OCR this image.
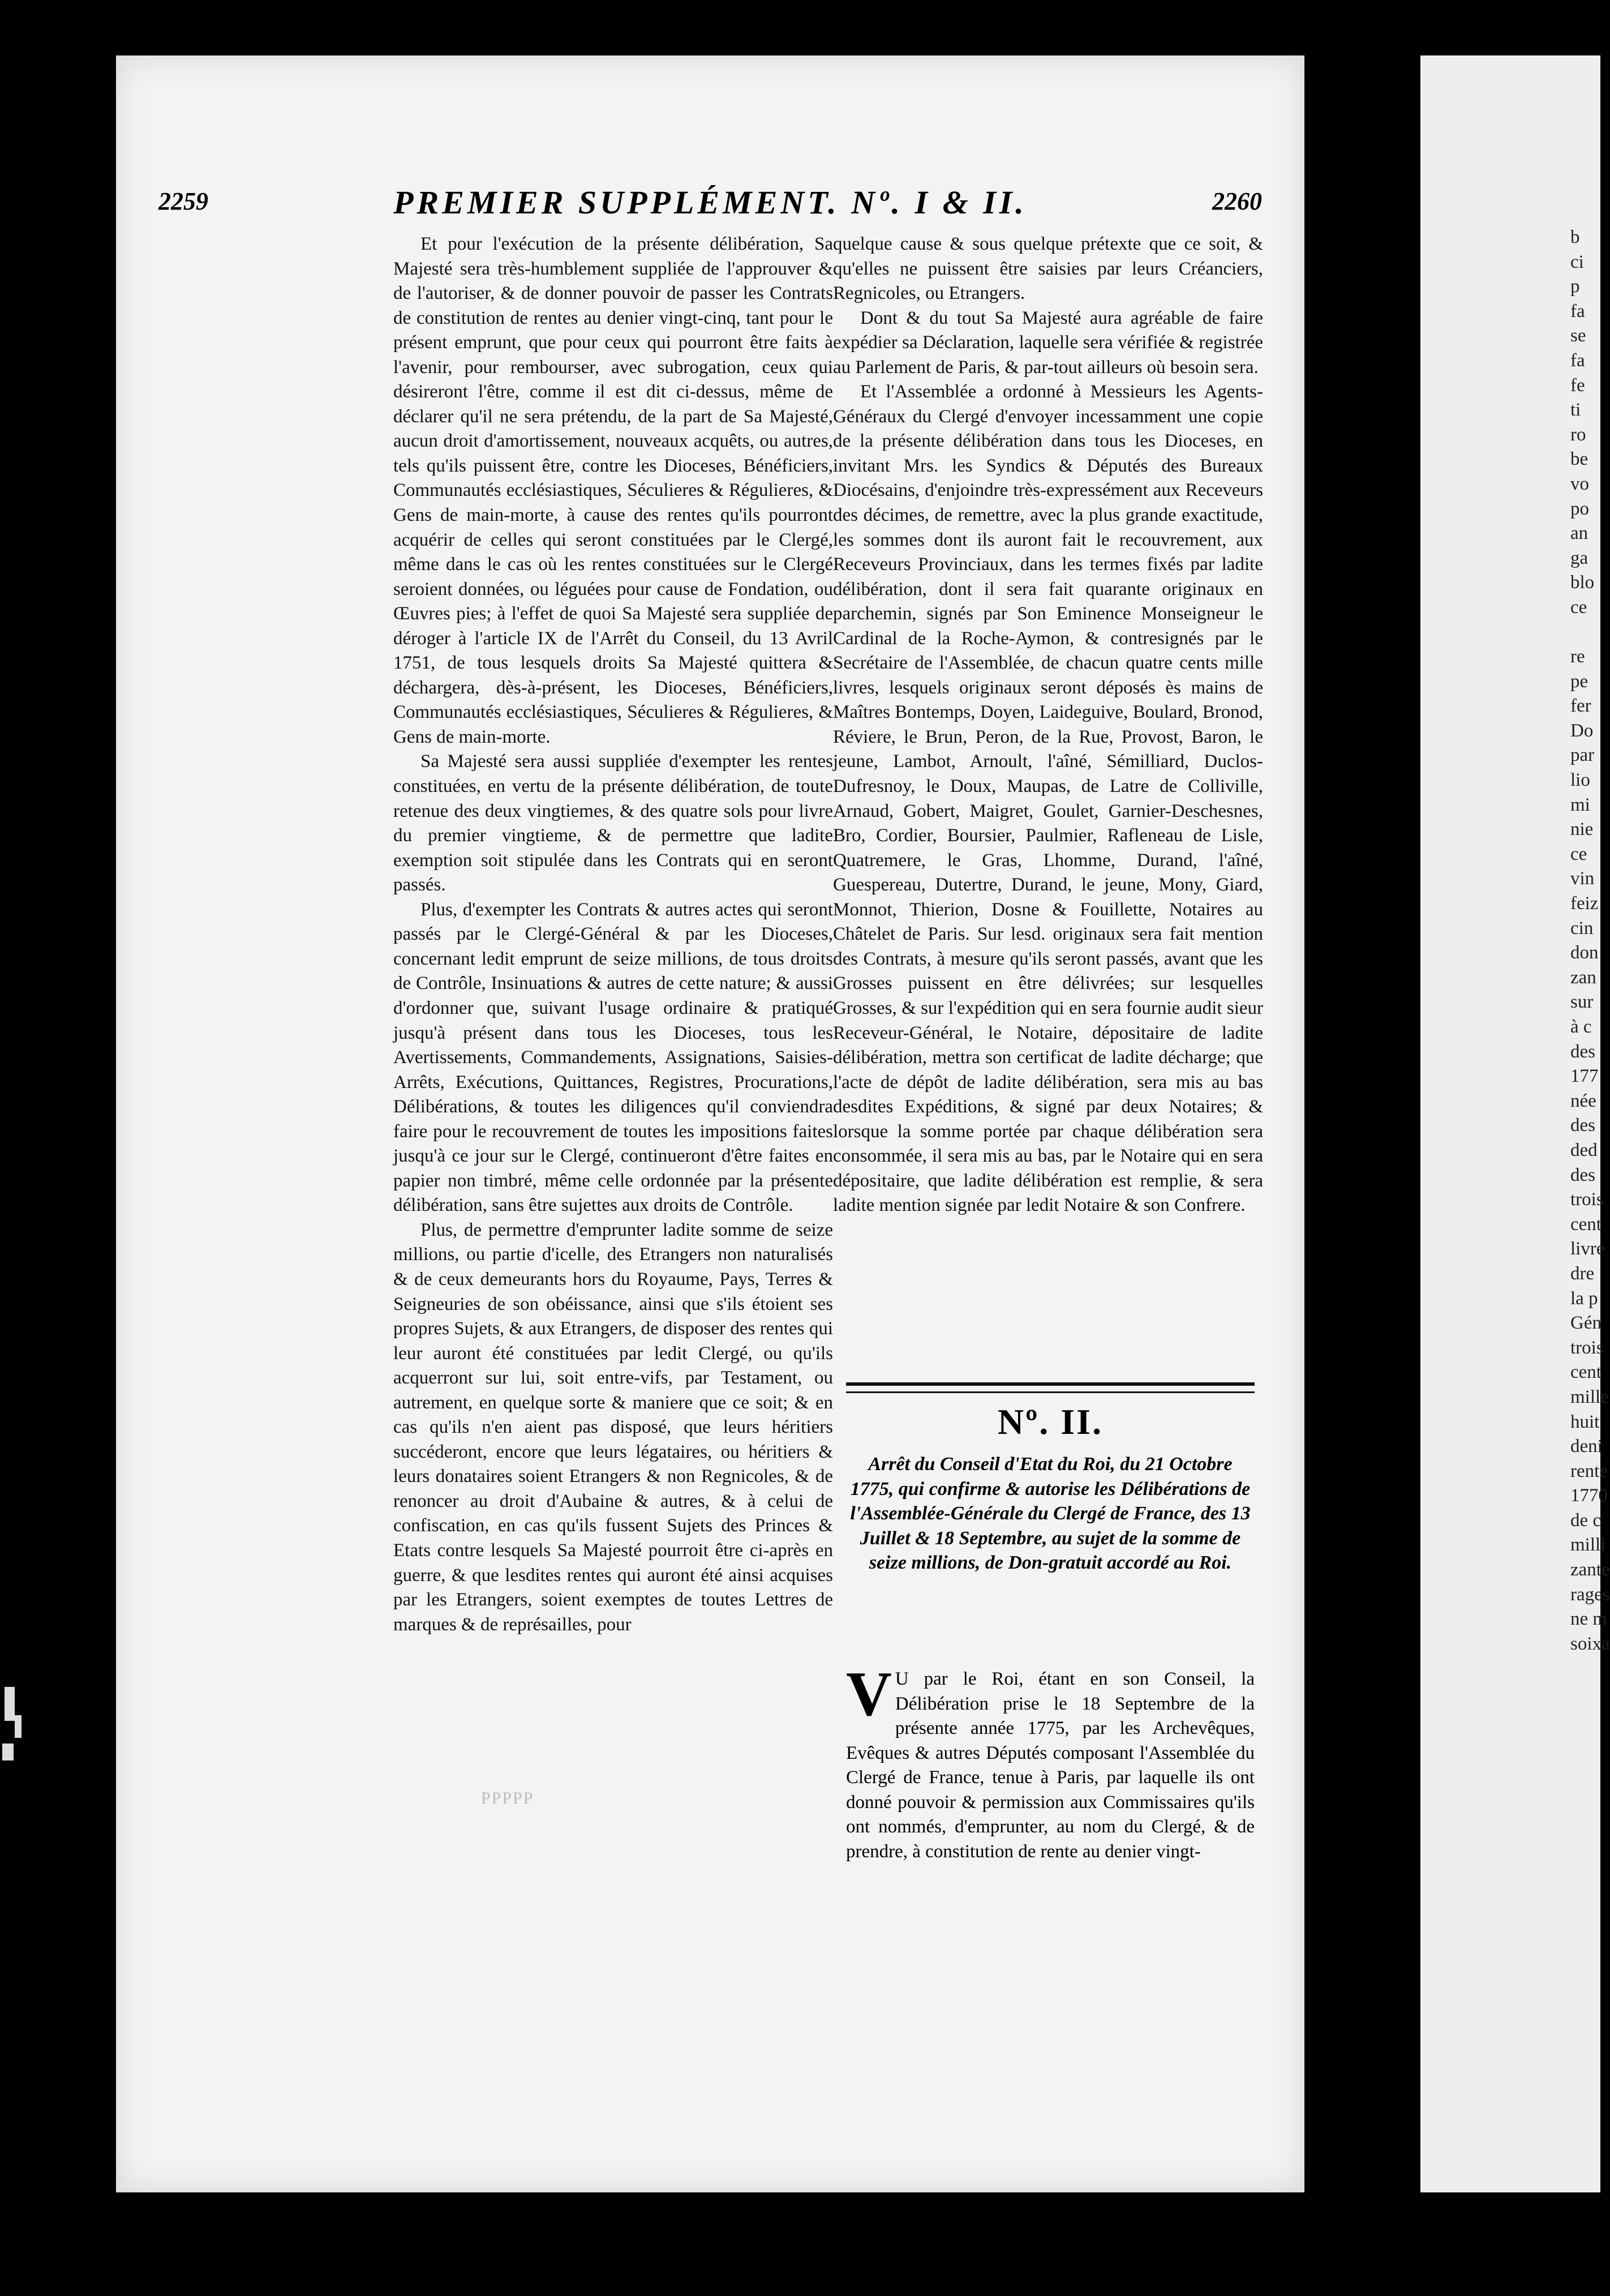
2259	PREMIER SUPPLÉMENT. Nº. I & II.	2260

Et pour l'exécution de la présente délibération, Sa Majesté sera très-humblement suppliée de l'approuver & de l'autoriser, & de donner pouvoir de passer les Contrats de constitution de rentes au denier vingt-cinq, tant pour le présent emprunt, que pour ceux qui pourront être faits à l'avenir, pour rembourser, avec subrogation, ceux qui désireront l'être, comme il est dit ci-dessus, même de déclarer qu'il ne sera prétendu, de la part de Sa Majesté, aucun droit d'amortissement, nouveaux acquêts, ou autres, tels qu'ils puissent être, contre les Dioceses, Bénéficiers, Communautés ecclésiastiques, Séculieres & Régulieres, & Gens de main-morte, à cause des rentes qu'ils pourront acquérir de celles qui seront constituées par le Clergé, même dans le cas où les rentes constituées sur le Clergé seroient données, ou léguées pour cause de Fondation, ou Œuvres pies; à l'effet de quoi Sa Majesté sera suppliée de déroger à l'article IX de l'Arrêt du Conseil, du 13 Avril 1751, de tous lesquels droits Sa Majesté quittera & déchargera, dès-à-présent, les Dioceses, Bénéficiers, Communautés ecclésiastiques, Séculieres & Régulieres, & Gens de main-morte.

Sa Majesté sera aussi suppliée d'exempter les rentes constituées, en vertu de la présente délibération, de toute retenue des deux vingtiemes, & des quatre sols pour livre du premier vingtieme, & de permettre que ladite exemption soit stipulée dans les Contrats qui en seront passés.

Plus, d'exempter les Contrats & autres actes qui seront passés par le Clergé-Général & par les Dioceses, concernant ledit emprunt de seize millions, de tous droits de Contrôle, Insinuations & autres de cette nature; & aussi d'ordonner que, suivant l'usage ordinaire & pratiqué jusqu'à présent dans tous les Dioceses, tous les Avertissements, Commandements, Assignations, Saisies-Arrêts, Exécutions, Quittances, Registres, Procurations, Délibérations, & toutes les diligences qu'il conviendra faire pour le recouvrement de toutes les impositions faites jusqu'à ce jour sur le Clergé, continueront d'être faites en papier non timbré, même celle ordonnée par la présente délibération, sans être sujettes aux droits de Contrôle.

Plus, de permettre d'emprunter ladite somme de seize millions, ou partie d'icelle, des Etrangers non naturalisés & de ceux demeurants hors du Royaume, Pays, Terres & Seigneuries de son obéissance, ainsi que s'ils étoient ses propres Sujets, & aux Etrangers, de disposer des rentes qui leur auront été constituées par ledit Clergé, ou qu'ils acquerront sur lui, soit entre-vifs, par Testament, ou autrement, en quelque sorte & maniere que ce soit; & en cas qu'ils n'en aient pas disposé, que leurs héritiers succéderont, encore que leurs légataires, ou héritiers & leurs donataires soient Etrangers & non Regnicoles, & de renoncer au droit d'Aubaine & autres, & à celui de confiscation, en cas qu'ils fussent Sujets des Princes & Etats contre lesquels Sa Majesté pourroit être ci-après en guerre, & que lesdites rentes qui auront été ainsi acquises par les Etrangers, soient exemptes de toutes Lettres de marques & de représailles, pour

quelque cause & sous quelque prétexte que ce soit, & qu'elles ne puissent être saisies par leurs Créanciers, Regnicoles, ou Etrangers.

Dont & du tout Sa Majesté aura agréable de faire expédier sa Déclaration, laquelle sera vérifiée & registrée au Parlement de Paris, & par-tout ailleurs où besoin sera.

Et l'Assemblée a ordonné à Messieurs les Agents-Généraux du Clergé d'envoyer incessamment une copie de la présente délibération dans tous les Dioceses, en invitant Mrs. les Syndics & Députés des Bureaux Diocésains, d'enjoindre très-expressément aux Receveurs des décimes, de remettre, avec la plus grande exactitude, les sommes dont ils auront fait le recouvrement, aux Receveurs Provinciaux, dans les termes fixés par ladite délibération, dont il sera fait quarante originaux en parchemin, signés par Son Eminence Monseigneur le Cardinal de la Roche-Aymon, & contresignés par le Secrétaire de l'Assemblée, de chacun quatre cents mille livres, lesquels originaux seront déposés ès mains de Maîtres Bontemps, Doyen, Laideguive, Boulard, Bronod, Réviere, le Brun, Peron, de la Rue, Provost, Baron, le jeune, Lambot, Arnoult, l'aîné, Sémilliard, Duclos-Dufresnoy, le Doux, Maupas, de Latre de Colliville, Arnaud, Gobert, Maigret, Goulet, Garnier-Deschesnes, Bro, Cordier, Boursier, Paulmier, Rafleneau de Lisle, Quatremere, le Gras, Lhomme, Durand, l'aîné, Guespereau, Dutertre, Durand, le jeune, Mony, Giard, Monnot, Thierion, Dosne & Fouillette, Notaires au Châtelet de Paris. Sur lesd. originaux sera fait mention des Contrats, à mesure qu'ils seront passés, avant que les Grosses puissent en être délivrées; sur lesquelles Grosses, & sur l'expédition qui en sera fournie audit sieur Receveur-Général, le Notaire, dépositaire de ladite délibération, mettra son certificat de ladite décharge; que l'acte de dépôt de ladite délibération, sera mis au bas desdites Expéditions, & signé par deux Notaires; & lorsque la somme portée par chaque délibération sera consommée, il sera mis au bas, par le Notaire qui en sera dépositaire, que ladite délibération est remplie, & sera ladite mention signée par ledit Notaire & son Confrere.

Nº. II.
Arrêt du Conseil d'Etat du Roi, du 21 Octobre 1775, qui confirme & autorise les Délibérations de l'Assemblée-Générale du Clergé de France, des 13 Juillet & 18 Septembre, au sujet de la somme de seize millions, de Don-gratuit accordé au Roi.
V U par le Roi, étant en son Conseil, la Délibération prise le 18 Septembre de la présente année 1775, par les Archevêques, Evêques & autres Députés composant l'Assemblée du Clergé de France, tenue à Paris, par laquelle ils ont donné pouvoir & permission aux Commissaires qu'ils ont nommés, d'emprunter, au nom du Clergé, & de prendre, à constitution de rente au denier vingt-
PPPPP
b
ci
p
fa
se
fa
fe
ti
ro
be
vo
po
an
ga
blo
ce

re
pe
fer
Do
par
lio
mi
nie
ce
vin
feiz
cin
don
zan
sur
à c
des
177
née
des
ded
des
trois
cent
livre
dre
la p
Gén
trois
cent
mille
huit
deni
rente
1770
de c
milli
zante
rages
ne m
soixa
